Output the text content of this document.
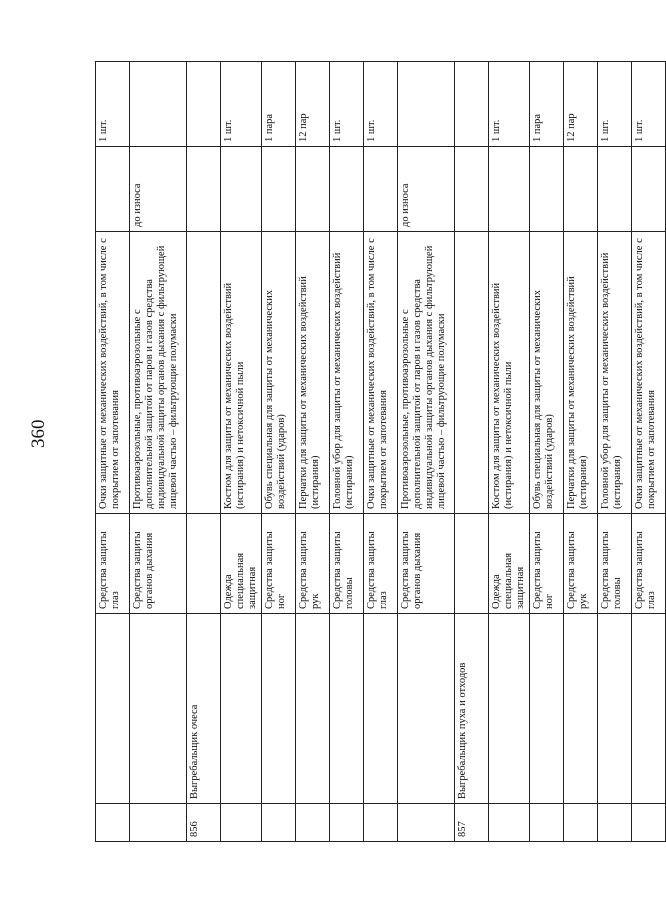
360
		Средства защиты глаз	Очки защитные от механических воздействий, в том числе с покрытием от запотевания		1 шт.
		Средства защиты органов дыхания	Противоаэрозольные, противоаэрозольные с дополнительной защитой от паров и газов средства индивидуальной защиты органов дыхания с фильтрующей лицевой частью – фильтрующие полумаски	до износа	
856	Выгребальщик очеса				
		Одежда специальная защитная	Костюм для защиты от механических воздействий (истирания) и нетоксичной пыли		1 шт.
		Средства защиты ног	Обувь специальная для защиты от механических воздействий (ударов)		1 пара
		Средства защиты рук	Перчатки для защиты от механических воздействий (истирания)		12 пар
		Средства защиты головы	Головной убор для защиты от механических воздействий (истирания)		1 шт.
		Средства защиты глаз	Очки защитные от механических воздействий, в том числе с покрытием от запотевания		1 шт.
		Средства защиты органов дыхания	Противоаэрозольные, противоаэрозольные с дополнительной защитой от паров и газов средства индивидуальной защиты органов дыхания с фильтрующей лицевой частью – фильтрующие полумаски	до износа	
857	Выгребальщик пуха и отходов				
		Одежда специальная защитная	Костюм для защиты от механических воздействий (истирания) и нетоксичной пыли		1 шт.
		Средства защиты ног	Обувь специальная для защиты от механических воздействий (ударов)		1 пара
		Средства защиты рук	Перчатки для защиты от механических воздействий (истирания)		12 пар
		Средства защиты головы	Головной убор для защиты от механических воздействий (истирания)		1 шт.
		Средства защиты глаз	Очки защитные от механических воздействий, в том числе с покрытием от запотевания		1 шт.
